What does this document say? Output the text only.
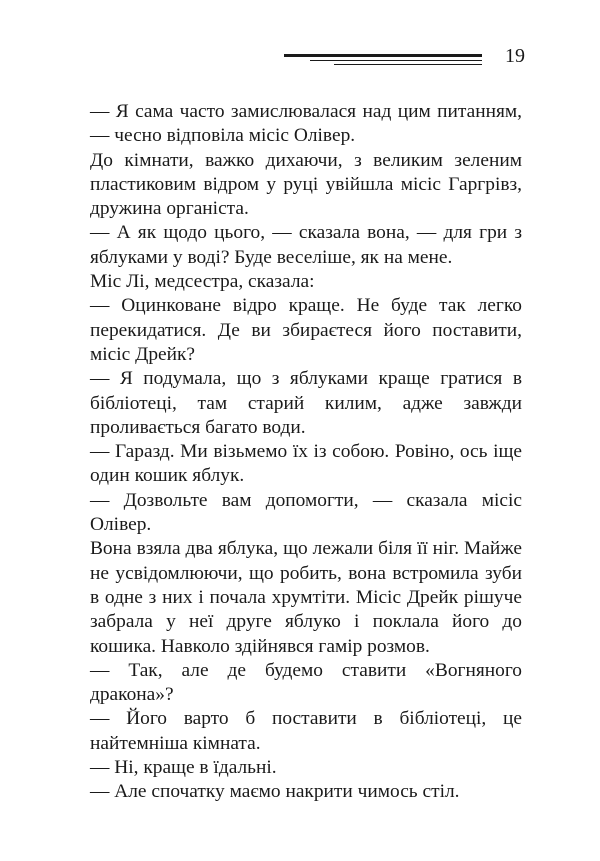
19

— Я сама часто замислювалася над цим питанням, — чесно відповіла місіс Олівер.

До кімнати, важко дихаючи, з великим зеленим пластиковим відром у руці увійшла місіс Гаргрівз, дружина органіста.

— А як щодо цього, — сказала вона, — для гри з яблуками у воді? Буде веселіше, як на мене.

Міс Лі, медсестра, сказала:

— Оцинковане відро краще. Не буде так легко перекидатися. Де ви збираєтеся його поставити, місіс Дрейк?

— Я подумала, що з яблуками краще гратися в бібліотеці, там старий килим, адже завжди проливається багато води.

— Гаразд. Ми візьмемо їх із собою. Ровіно, ось іще один кошик яблук.

— Дозвольте вам допомогти, — сказала місіс Олівер.

Вона взяла два яблука, що лежали біля її ніг. Майже не усвідомлюючи, що робить, вона встромила зуби в одне з них і почала хрумтіти. Місіс Дрейк рішуче забрала у неї друге яблуко і поклала його до кошика. Навколо здійнявся гамір розмов.

— Так, але де будемо ставити «Вогняного дракона»?

— Його варто б поставити в бібліотеці, це найтемніша кімната.

— Ні, краще в їдальні.

— Але спочатку маємо накрити чимось стіл.
